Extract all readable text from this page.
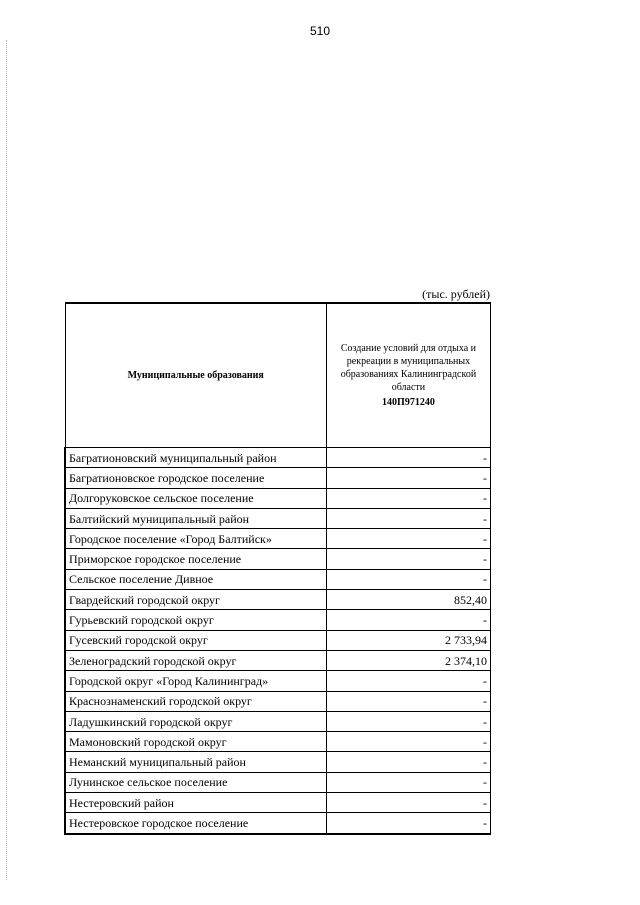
510
(тыс. рублей)
Муниципальные образования	Создание условий для отдыха и рекреации в муниципальных образованиях Калининградской области
140П971240

Багратионовский муниципальный район	-
Багратионовское городское поселение	-
Долгоруковское сельское поселение	-
Балтийский муниципальный район	-
Городское поселение «Город Балтийск»	-
Приморское городское поселение	-
Сельское поселение Дивное	-
Гвардейский городской округ	852,40
Гурьевский городской округ	-
Гусевский городской округ	2 733,94
Зеленоградский городской округ	2 374,10
Городской округ «Город Калининград»	-
Краснознаменский городской округ	-
Ладушкинский городской округ	-
Мамоновский городской округ	-
Неманский муниципальный район	-
Лунинское сельское поселение	-
Нестеровский район	-
Нестеровское городское поселение	-
